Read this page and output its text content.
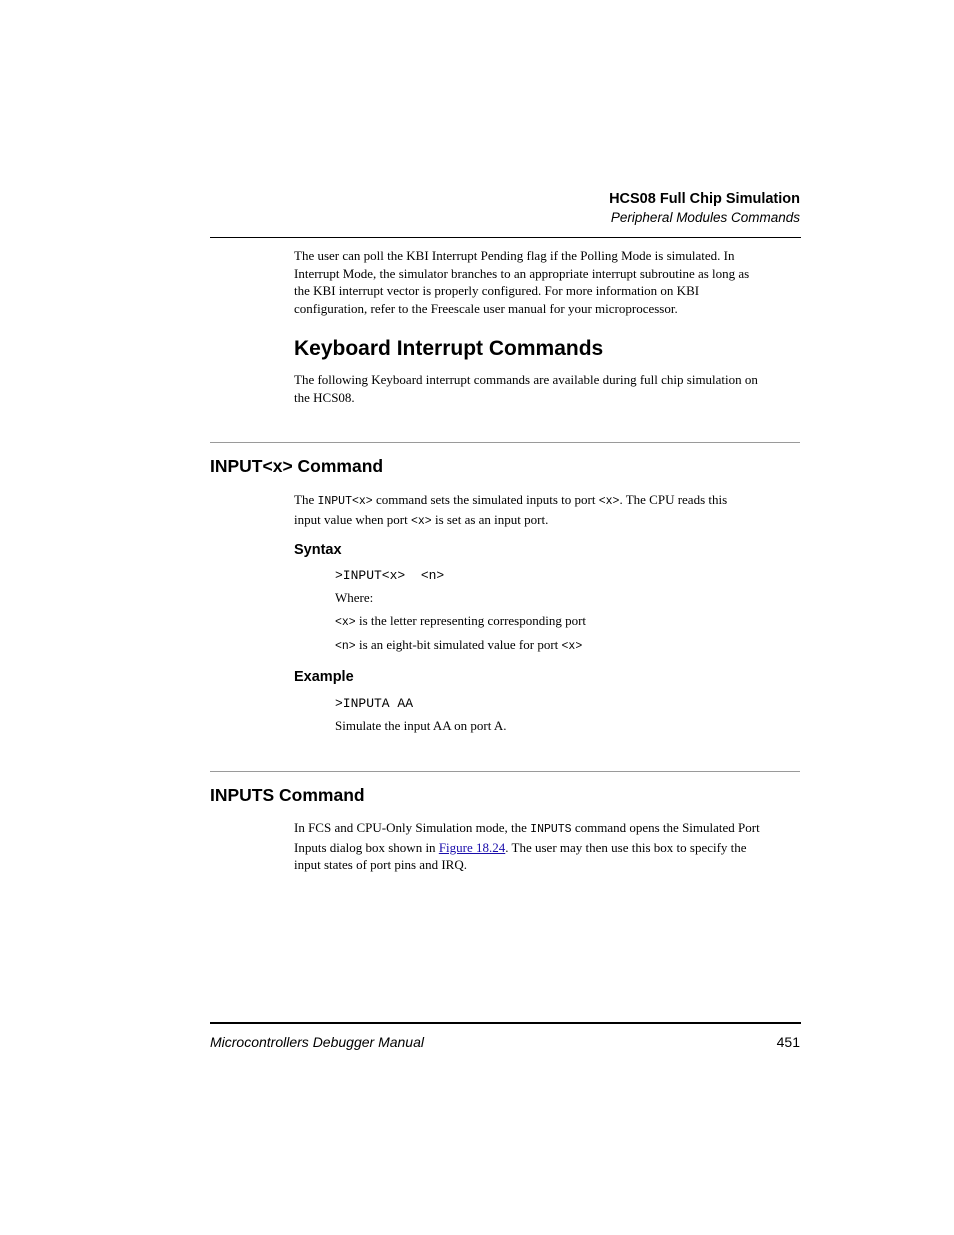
HCS08 Full Chip Simulation
Peripheral Modules Commands
The user can poll the KBI Interrupt Pending flag if the Polling Mode is simulated. In
Interrupt Mode, the simulator branches to an appropriate interrupt subroutine as long as
the KBI interrupt vector is properly configured. For more information on KBI
configuration, refer to the Freescale user manual for your microprocessor.
Keyboard Interrupt Commands
The following Keyboard interrupt commands are available during full chip simulation on
the HCS08.
INPUT<x> Command
The INPUT<x> command sets the simulated inputs to port <x>. The CPU reads this
input value when port <x> is set as an input port.
Syntax
>INPUT<x>  <n>
Where:
<x> is the letter representing corresponding port
<n> is an eight-bit simulated value for port <x>
Example
>INPUTA AA
Simulate the input AA on port A.
INPUTS Command
In FCS and CPU-Only Simulation mode, the INPUTS command opens the Simulated Port
Inputs dialog box shown in Figure 18.24. The user may then use this box to specify the
input states of port pins and IRQ.
Microcontrollers Debugger Manual	451
